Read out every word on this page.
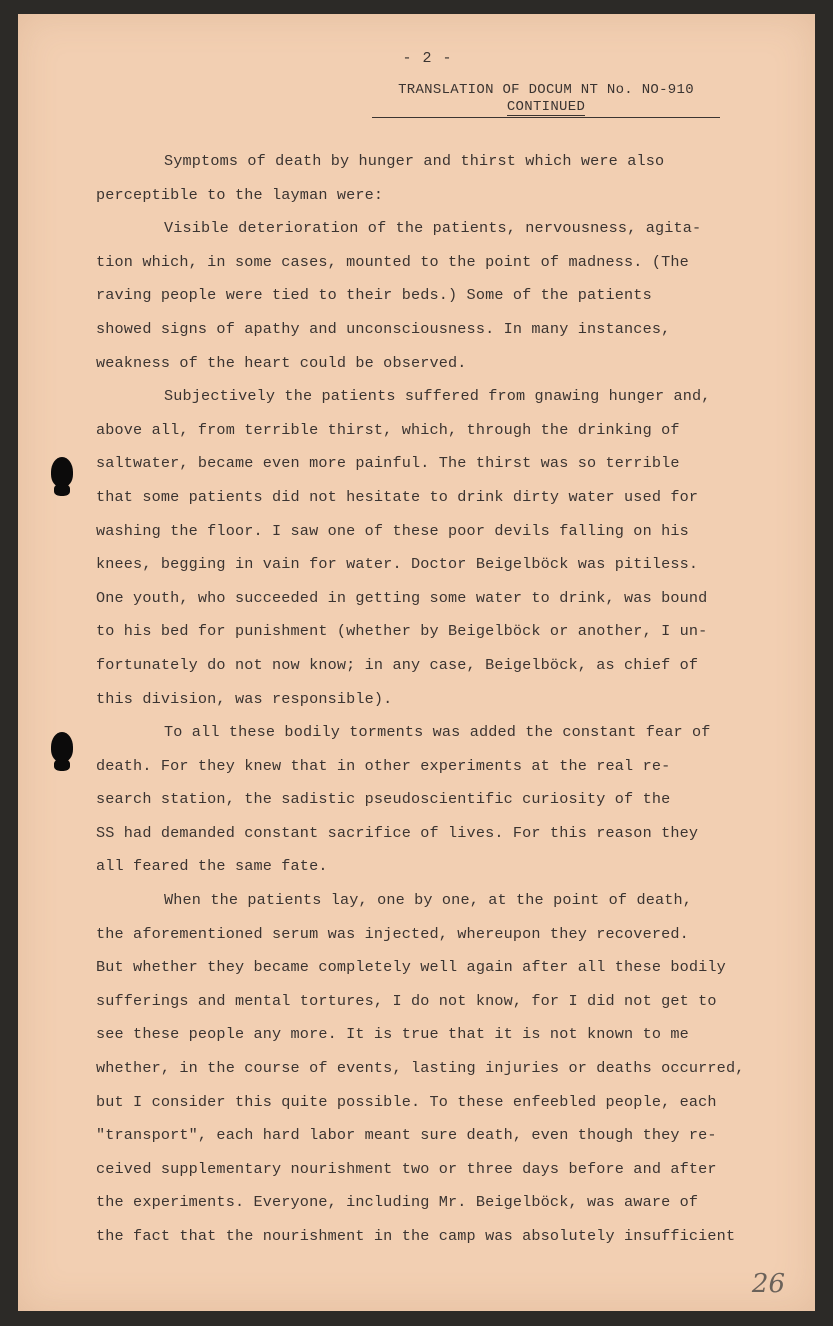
- 2 -
TRANSLATION OF DOCUM NT No. NO-910
CONTINUED
Symptoms of death by hunger and thirst which were also
perceptible to the layman were:
Visible deterioration of the patients, nervousness, agita-
tion which, in some cases, mounted to the point of madness. (The
raving people were tied to their beds.) Some of the patients
showed signs of apathy and unconsciousness. In many instances,
weakness of the heart could be observed.
Subjectively the patients suffered from gnawing hunger and,
above all, from terrible thirst, which, through the drinking of
saltwater, became even more painful. The thirst was so terrible
that some patients did not hesitate to drink dirty water used for
washing the floor. I saw one of these poor devils falling on his
knees, begging in vain for water. Doctor Beigelböck was pitiless.
One youth, who succeeded in getting some water to drink, was bound
to his bed for punishment (whether by Beigelböck or another, I un-
fortunately do not now know; in any case, Beigelböck, as chief of
this division, was responsible).
To all these bodily torments was added the constant fear of
death. For they knew that in other experiments at the real re-
search station, the sadistic pseudoscientific curiosity of the
SS had demanded constant sacrifice of lives. For this reason they
all feared the same fate.
When the patients lay, one by one, at the point of death,
the aforementioned serum was injected, whereupon they recovered.
But whether they became completely well again after all these bodily
sufferings and mental tortures, I do not know, for I did not get to
see these people any more. It is true that it is not known to me
whether, in the course of events, lasting injuries or deaths occurred,
but I consider this quite possible. To these enfeebled people, each
"transport", each hard labor meant sure death, even though they re-
ceived supplementary nourishment two or three days before and after
the experiments. Everyone, including Mr. Beigelböck, was aware of
the fact that the nourishment in the camp was absolutely insufficient
26
